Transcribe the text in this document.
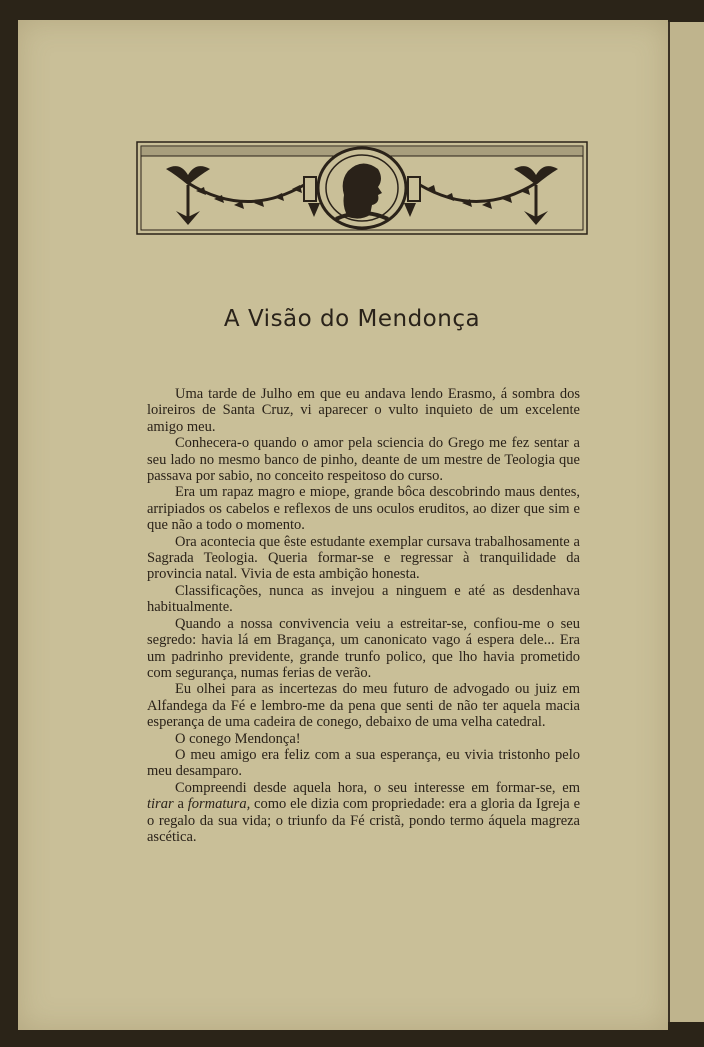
A Visão do Mendonça

Uma tarde de Julho em que eu andava lendo Erasmo, á sombra dos loireiros de Santa Cruz, vi aparecer o vulto inquieto de um excelente amigo meu.

Conhecera-o quando o amor pela sciencia do Grego me fez sentar a seu lado no mesmo banco de pinho, deante de um mestre de Teologia que passava por sabio, no conceito respeitoso do curso.

Era um rapaz magro e miope, grande bôca descobrindo maus dentes, arripiados os cabelos e reflexos de uns oculos eruditos, ao dizer que sim e que não a todo o momento.

Ora acontecia que êste estudante exemplar cursava trabalhosamente a Sagrada Teologia. Queria formar-se e regressar à tranquilidade da provincia natal. Vivia de esta ambição honesta.

Classificações, nunca as invejou a ninguem e até as desdenhava habitualmente.

Quando a nossa convivencia veiu a estreitar-se, confiou-me o seu segredo: havia lá em Bragança, um canonicato vago á espera dele... Era um padrinho previdente, grande trunfo polico, que lho havia prometido com segurança, numas ferias de verão.

Eu olhei para as incertezas do meu futuro de advogado ou juiz em Alfandega da Fé e lembro-me da pena que senti de não ter aquela macia esperança de uma cadeira de conego, debaixo de uma velha catedral.

O conego Mendonça!

O meu amigo era feliz com a sua esperança, eu vivia tristonho pelo meu desamparo.

Compreendi desde aquela hora, o seu interesse em formar-se, em tirar a formatura, como ele dizia com propriedade: era a gloria da Igreja e o regalo da sua vida; o triunfo da Fé cristã, pondo termo áquela magreza ascética.
